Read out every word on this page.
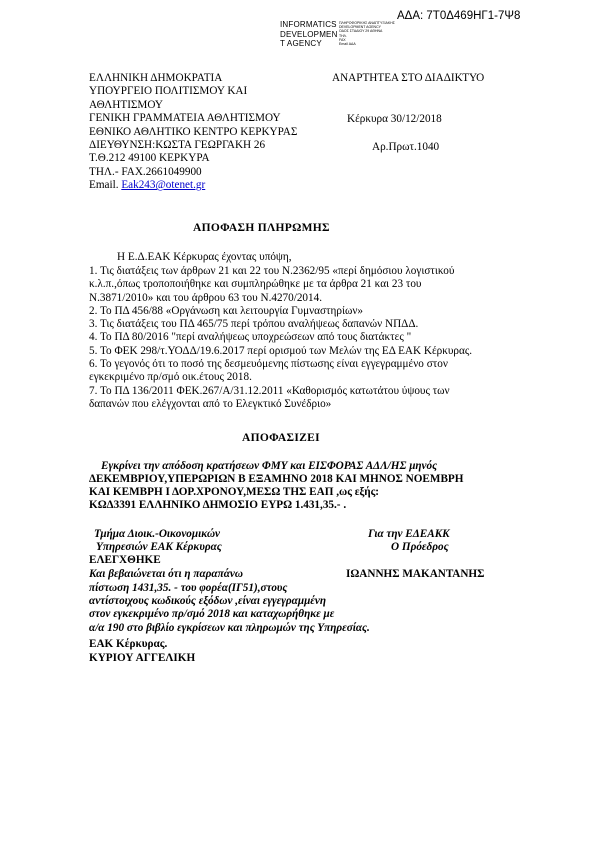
ΑΔΑ: 7Τ0Δ469ΗΓ1-7Ψ8
INFORMATICS
DEVELOPMEN
T AGENCY
ΠΛΗΡΟΦΟΡΙΚΗΣ ΑΝΑΠΤΥΞΙΑΚΗΣ
DEVELOPMENT AGENCY
ΟΔΟΣ ΣΤΑΔΙΟΥ 29 ΑΘΗΝΑ
ΤΗΛ.
FAX
Email ΑΔΑ
ΕΛΛΗΝΙΚΗ ΔΗΜΟΚΡΑΤΙΑ
ΥΠΟΥΡΓΕΙΟ ΠΟΛΙΤΙΣΜΟΥ ΚΑΙ
ΑΘΛΗΤΙΣΜΟΥ
ΓΕΝΙΚΗ ΓΡΑΜΜΑΤΕΙΑ ΑΘΛΗΤΙΣΜΟΥ
ΕΘΝΙΚΟ ΑΘΛΗΤΙΚΟ ΚΕΝΤΡΟ ΚΕΡΚΥΡΑΣ
ΔΙΕΥΘΥΝΣΗ:ΚΩΣΤΑ ΓΕΩΡΓΑΚΗ 26
Τ.Θ.212 49100 ΚΕΡΚΥΡΑ
ΤΗΛ.- FAX.2661049900
Email. Eak243@otenet.gr
ΑΝΑΡΤΗΤΕΑ ΣΤΟ ΔΙΑΔΙΚΤΥΟ
Κέρκυρα 30/12/2018
Αρ.Πρωτ.1040
ΑΠΟΦΑΣΗ ΠΛΗΡΩΜΗΣ
Η Ε.Δ.ΕΑΚ Κέρκυρας έχοντας υπόψη,
1. Τις διατάξεις των άρθρων 21 και 22 του Ν.2362/95 «περί δημόσιου λογιστικού
κ.λ.π.,όπως τροποποιήθηκε και συμπληρώθηκε με τα άρθρα 21 και 23 του
Ν.3871/2010» και του άρθρου 63 του Ν.4270/2014.
2. Το ΠΔ 456/88 «Οργάνωση και λειτουργία Γυμναστηρίων»
3. Τις διατάξεις του ΠΔ 465/75 περί τρόπου αναλήψεως δαπανών ΝΠΔΔ.
4. Το ΠΔ 80/2016 "περί αναλήψεως υποχρεώσεων από τους διατάκτες "
5. Το ΦΕΚ 298/τ.ΥΟΔΔ/19.6.2017 περί ορισμού των Μελών της ΕΔ ΕΑΚ Κέρκυρας.
6. Το γεγονός ότι το ποσό της δεσμευόμενης πίστωσης είναι εγγεγραμμένο στον
εγκεκριμένο πρ/σμό οικ.έτους 2018.
7. Το ΠΔ 136/2011 ΦΕΚ.267/Α/31.12.2011 «Καθορισμός κατωτάτου ύψους των
δαπανών που ελέγχονται από το Ελεγκτικό Συνέδριο»
ΑΠΟΦΑΣΙΖΕΙ
Εγκρίνει την απόδοση κρατήσεων ΦΜΥ και ΕΙΣΦΟΡΑΣ ΑΔΛ/ΗΣ μηνός
ΔΕΚΕΜΒΡΙΟΥ,ΥΠΕΡΩΡΙΩΝ Β ΕΞΑΜΗΝΟ 2018 ΚΑΙ ΜΗΝΟΣ ΝΟΕΜΒΡΗ
ΚΑΙ ΚΕΜΒΡΗ Ι ΔΟΡ.ΧΡΟΝΟΥ,ΜΕΣΩ ΤΗΣ ΕΑΠ ,ως εξής:
ΚΩΔ3391 ΕΛΛΗΝΙΚΟ ΔΗΜΟΣΙΟ ΕΥΡΩ 1.431,35.- .
Τμήμα Διοικ.-Οικονομικών
Υπηρεσιών ΕΑΚ Κέρκυρας
Για την ΕΔΕΑΚΚ
Ο Πρόεδρος
ΕΛΕΓΧΘΗΚΕ
Και βεβαιώνεται ότι η παραπάνω	ΙΩΑΝΝΗΣ ΜΑΚΑΝΤΑΝΗΣ
πίστωση 1431,35. - του φορέα(ΙΓ51),στους
αντίστοιχους κωδικούς εξόδων ,είναι εγγεγραμμένη
στον εγκεκριμένο πρ/σμό 2018 και καταχωρήθηκε με
α/α 190 στο βιβλίο εγκρίσεων και πληρωμών της Υπηρεσίας.
ΕΑΚ Κέρκυρας.
ΚΥΡΙΟΥ ΑΓΓΕΛΙΚΗ
